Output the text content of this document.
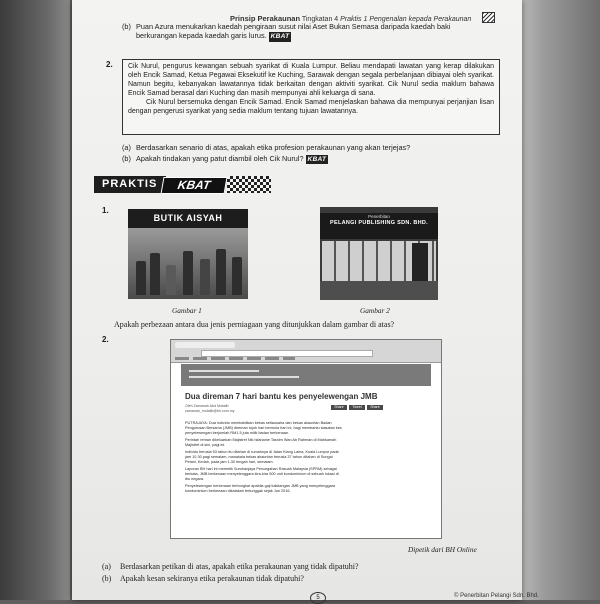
Prinsip Perakaunan Tingkatan 4 Praktis 1 Pengenalan kepada Perakaunan
(b) Puan Azura menukarkan kaedah pengiraan susut nilai Aset Bukan Semasa daripada kaedah baki
berkurangan kepada kaedah garis lurus. KBAT
2. Cik Nurul, pengurus kewangan sebuah syarikat di Kuala Lumpur. Beliau mendapati lawatan yang kerap dilakukan oleh Encik Samad, Ketua Pegawai Eksekutif ke Kuching, Sarawak dengan segala perbelanjaan dibiayai oleh syarikat. Namun begitu, kebanyakan lawatannya tidak berkaitan dengan aktiviti syarikat. Cik Nurul sedia maklum bahawa Encik Samad berasal dari Kuching dan masih mempunyai ahli keluarga di sana.

Cik Nurul bersemuka dengan Encik Samad. Encik Samad menjelaskan bahawa dia mempunyai perjanjian lisan dengan pengerusi syarikat yang sedia maklum tentang tujuan lawatannya.

(a) Berdasarkan senario di atas, apakah etika profesion perakaunan yang akan terjejas?
(b) Apakah tindakan yang patut diambil oleh Cik Nurul? KBAT
PRAKTIS	KBAT
1.
BUTIK AISYAH	Penerbitan
PELANGI PUBLISHING SDN. BHD.
Gambar 1	Gambar 2
Apakah perbezaan antara dua jenis perniagaan yang ditunjukkan dalam gambar di atas?
2.
Dua direman 7 hari bantu kes penyelewengan JMB
Oleh Zamanah Abd Mutalib
zamanah_mutalib@bh.com.my
Share	Tweet	Share

PUTRAJAYA: Dua individu membabitkan bekas setiausaha dan bekas akauntan Badan Pengurusan Bersama (JMB) direman tujuh hari bermula hari ini, bagi membantu siasatan kes penyelewengan berjumlah RM1.5 juta milik badan berkenaan.

Perintah reman dikeluarkan Majistret Nik Isfahanie Tasnim Wan Ab Rahman di Mahkamah Majistret di sini, pagi ini.

Individu berusia 53 tahun itu ditahan di rumahnya di Jalan Klang Lama, Kuala Lumpur pada jam 10.30 pagi semalam, manakala bekas akauntan berusia 37 tahun ditahan di Sungai Petani, Kedah, pada jam 1.30 tengah hari, semalam.

Laporan BH hari ini memetik Suruhanjaya Pencegahan Rasuah Malaysia (SPRM) sebagai berkata, JMB berkenaan menyelenggara kira-kira 500 unit kondominium di sebuah lokasi di ibu negara.

Penyelewengan berkenaan terbongkar apabila gaji kakitangan JMB yang menyelenggara kondominium berkenaan dikatakan tertunggak sejak Jun 2016.

Dipetik dari BH Online
(a) Berdasarkan petikan di atas, apakah etika perakaunan yang tidak dipatuhi?
(b) Apakah kesan sekiranya etika perakaunan tidak dipatuhi?
5	© Penerbitan Pelangi Sdn. Bhd.
